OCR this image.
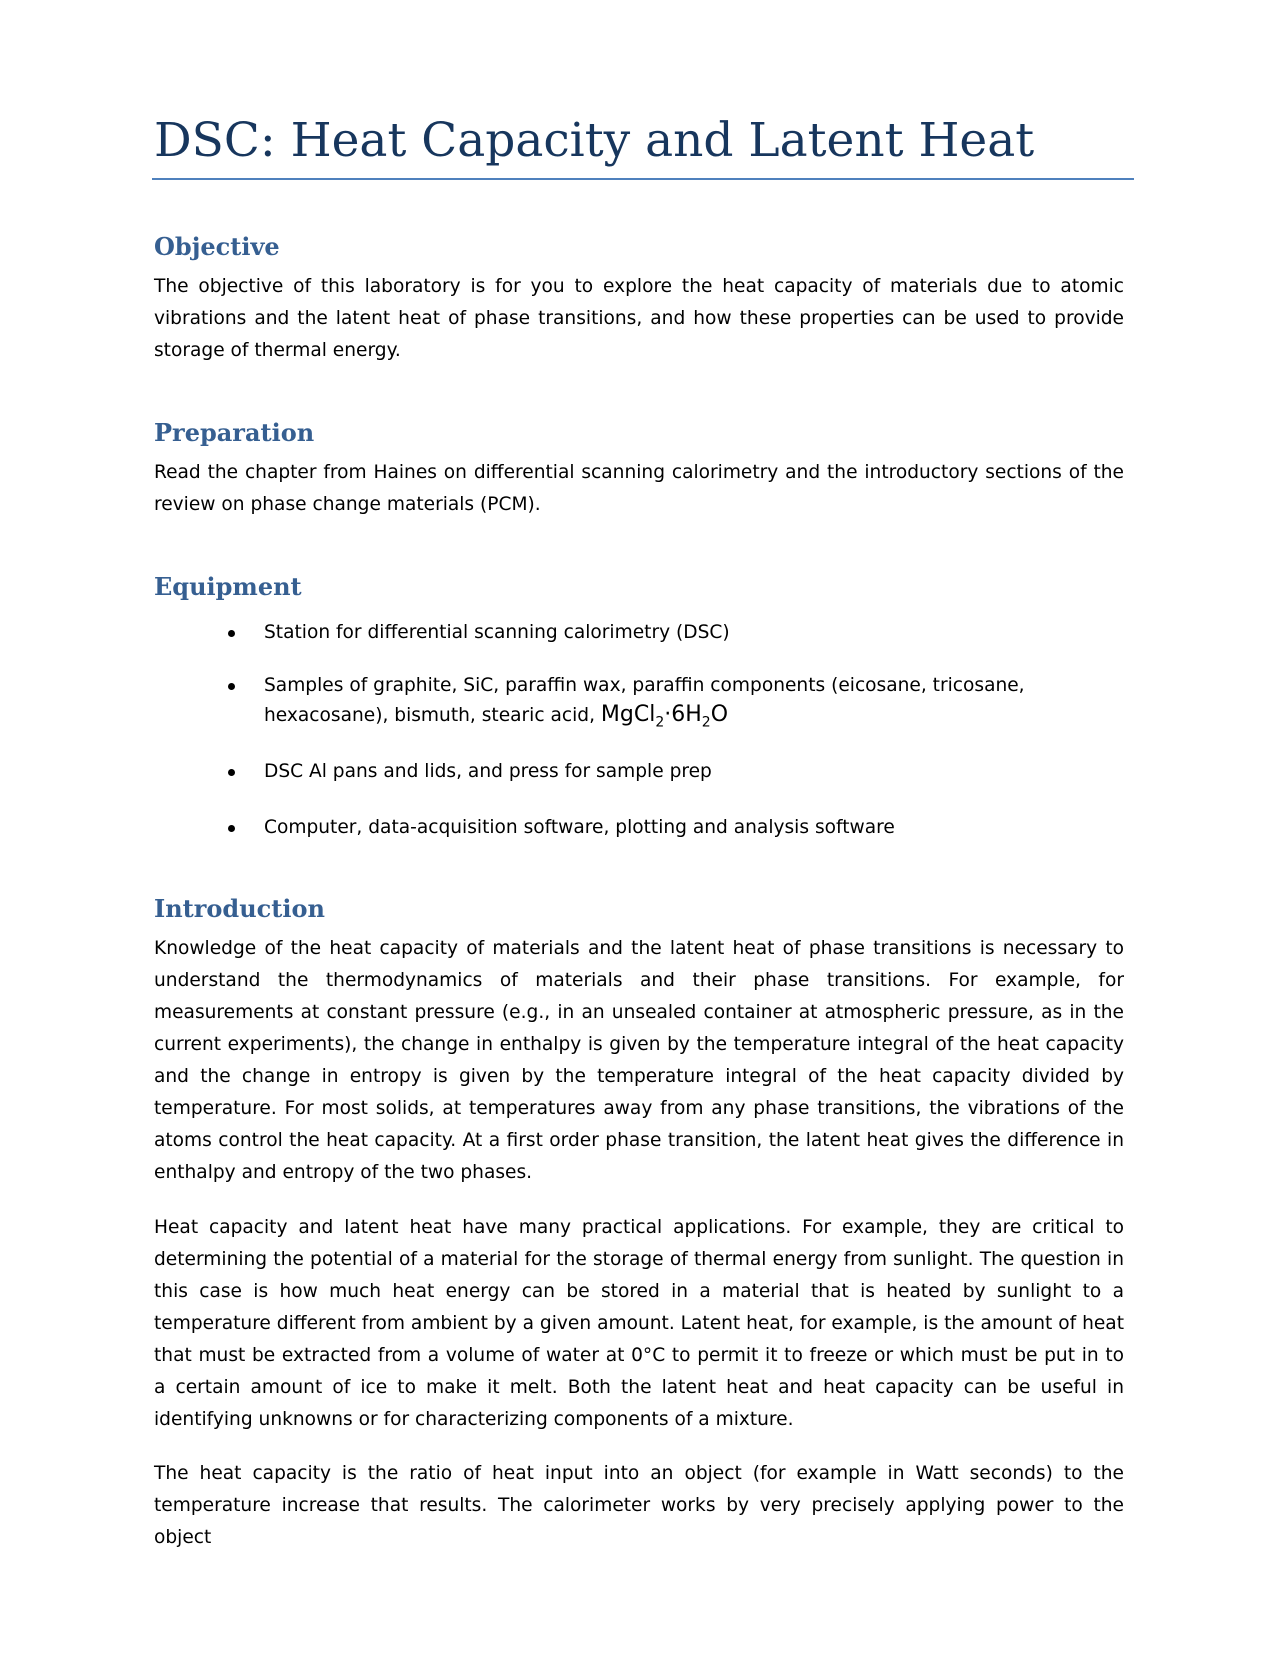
DSC: Heat Capacity and Latent Heat
Objective

The objective of this laboratory is for you to explore the heat capacity of materials due to atomic vibrations and the latent heat of phase transitions, and how these properties can be used to provide storage of thermal energy.

Preparation

Read the chapter from Haines on differential scanning calorimetry and the introductory sections of the review on phase change materials (PCM).

Equipment
Station for differential scanning calorimetry (DSC)
Samples of graphite, SiC, paraffin wax, paraffin components (eicosane, tricosane, hexacosane), bismuth, stearic acid, $MgCl_2\cdot 6H_2O$
DSC Al pans and lids, and press for sample prep
Computer, data-acquisition software, plotting and analysis software
Introduction

Knowledge of the heat capacity of materials and the latent heat of phase transitions is necessary to understand the thermodynamics of materials and their phase transitions. For example, for measurements at constant pressure (e.g., in an unsealed container at atmospheric pressure, as in the current experiments), the change in enthalpy is given by the temperature integral of the heat capacity and the change in entropy is given by the temperature integral of the heat capacity divided by temperature. For most solids, at temperatures away from any phase transitions, the vibrations of the atoms control the heat capacity. At a first order phase transition, the latent heat gives the difference in enthalpy and entropy of the two phases.

Heat capacity and latent heat have many practical applications. For example, they are critical to determining the potential of a material for the storage of thermal energy from sunlight. The question in this case is how much heat energy can be stored in a material that is heated by sunlight to a temperature different from ambient by a given amount. Latent heat, for example, is the amount of heat that must be extracted from a volume of water at 0°C to permit it to freeze or which must be put in to a certain amount of ice to make it melt. Both the latent heat and heat capacity can be useful in identifying unknowns or for characterizing components of a mixture.

The heat capacity is the ratio of heat input into an object (for example in Watt seconds) to the temperature increase that results. The calorimeter works by very precisely applying power to the object
